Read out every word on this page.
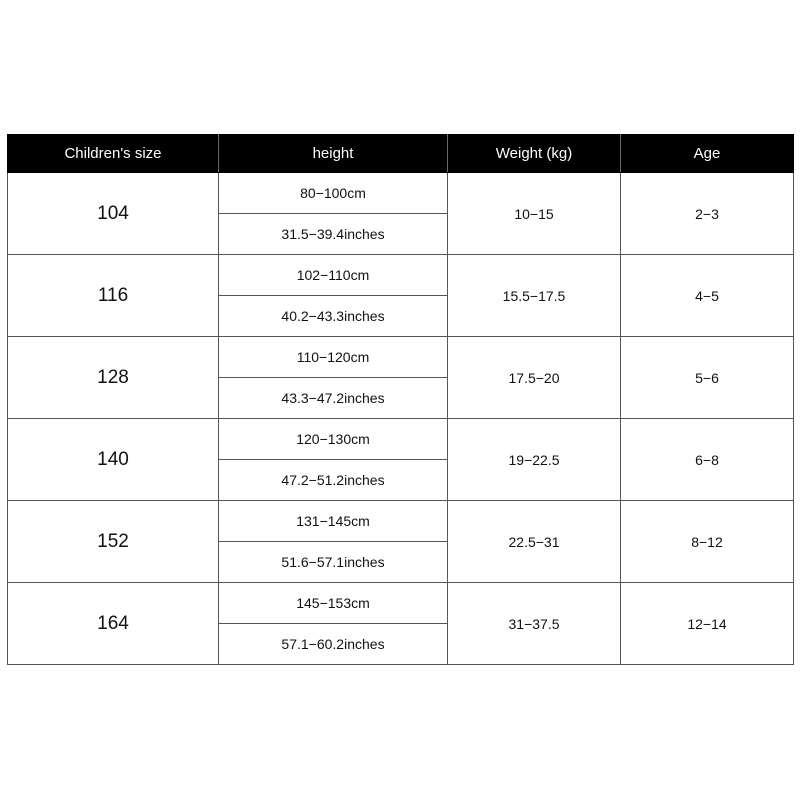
Children's size	height	Weight (kg)	Age
104	80−100cm	10−15	2−3
	31.5−39.4inches		
116	102−110cm	15.5−17.5	4−5
	40.2−43.3inches		
128	110−120cm	17.5−20	5−6
	43.3−47.2inches		
140	120−130cm	19−22.5	6−8
	47.2−51.2inches		
152	131−145cm	22.5−31	8−12
	51.6−57.1inches		
164	145−153cm	31−37.5	12−14
	57.1−60.2inches		
